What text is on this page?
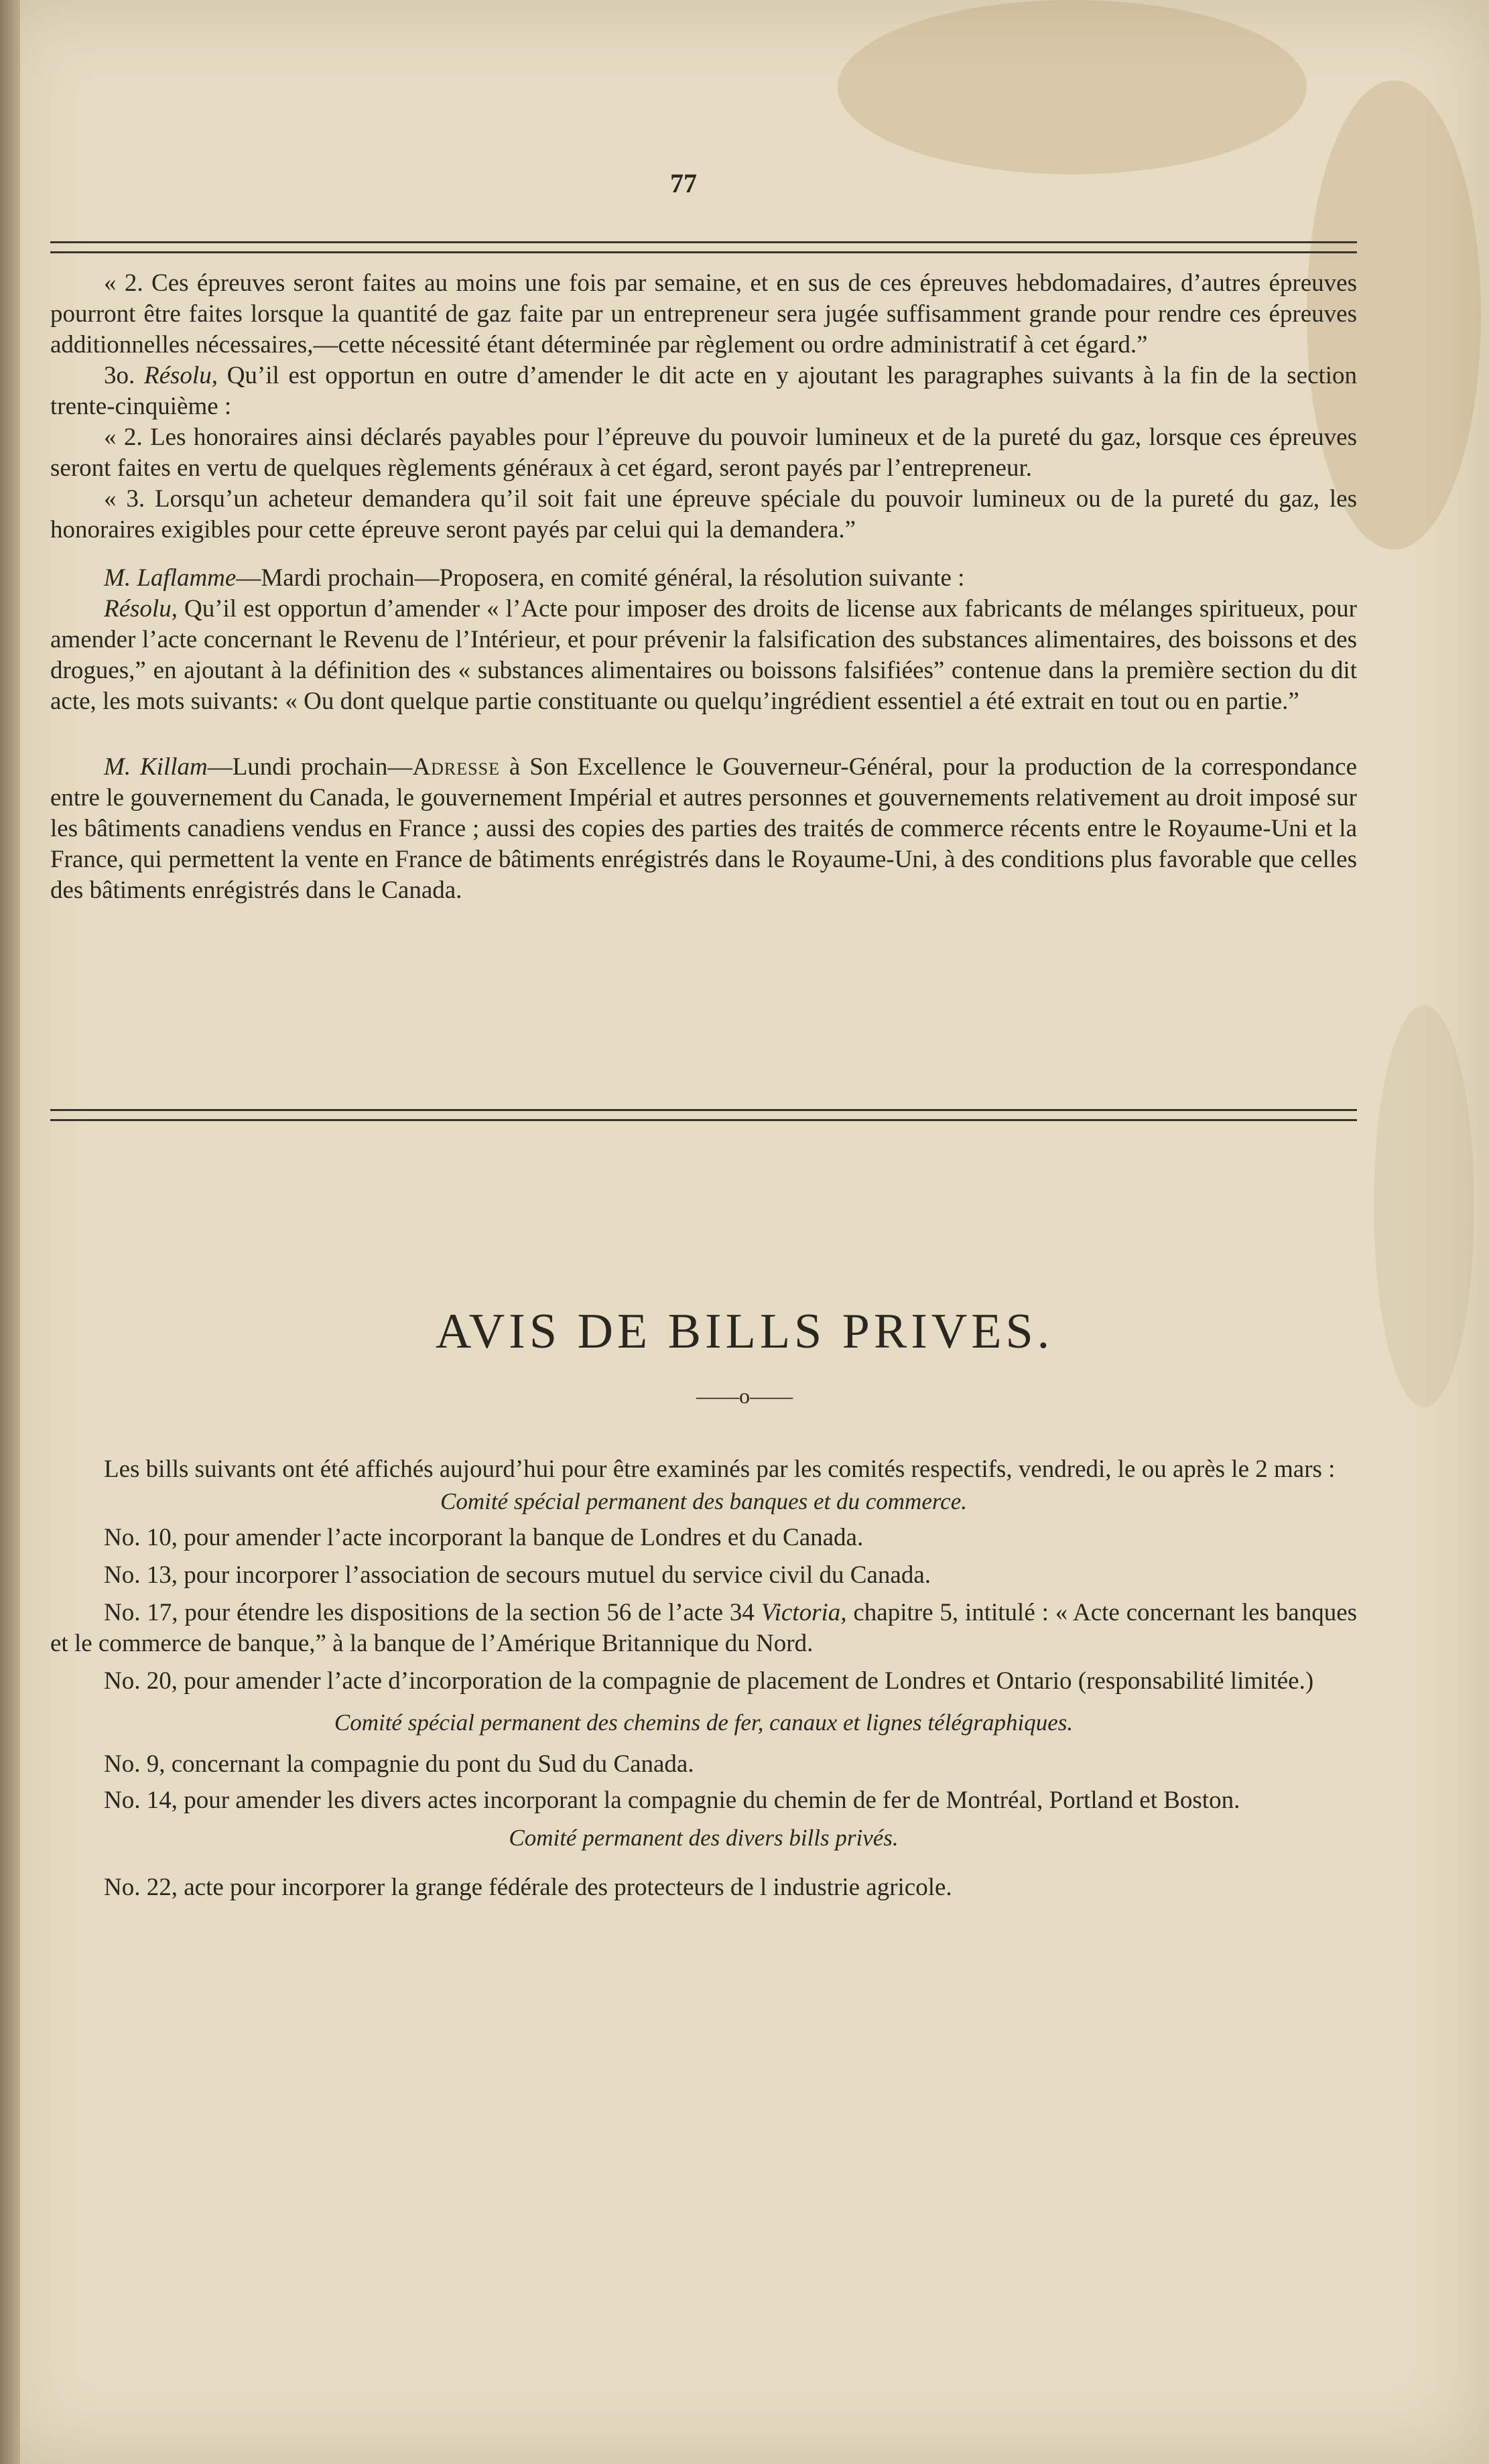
77

« 2. Ces épreuves seront faites au moins une fois par semaine, et en sus de ces épreuves hebdomadaires, d’autres épreuves pourront être faites lorsque la quantité de gaz faite par un entrepreneur sera jugée suffisamment grande pour rendre ces épreuves additionnelles nécessaires,—cette nécessité étant déterminée par règlement ou ordre administratif à cet égard.”

3o. Résolu, Qu’il est opportun en outre d’amender le dit acte en y ajoutant les paragraphes suivants à la fin de la section trente-cinquième :

« 2. Les honoraires ainsi déclarés payables pour l’épreuve du pouvoir lumineux et de la pureté du gaz, lorsque ces épreuves seront faites en vertu de quelques règlements généraux à cet égard, seront payés par l’entrepreneur.

« 3. Lorsqu’un acheteur demandera qu’il soit fait une épreuve spéciale du pouvoir lumineux ou de la pureté du gaz, les honoraires exigibles pour cette épreuve seront payés par celui qui la demandera.”

M. Laflamme—Mardi prochain—Proposera, en comité général, la résolution suivante :

Résolu, Qu’il est opportun d’amender « l’Acte pour imposer des droits de license aux fabricants de mélanges spiritueux, pour amender l’acte concernant le Revenu de l’Intérieur, et pour prévenir la falsification des substances alimentaires, des boissons et des drogues,” en ajoutant à la définition des « substances alimentaires ou boissons falsifiées” contenue dans la première section du dit acte, les mots suivants: « Ou dont quelque partie constituante ou quelqu’ingrédient essentiel a été extrait en tout ou en partie.”

M. Killam—Lundi prochain—Adresse à Son Excellence le Gouverneur-Général, pour la production de la correspondance entre le gouvernement du Canada, le gouvernement Impérial et autres personnes et gouvernements relativement au droit imposé sur les bâtiments canadiens vendus en France ; aussi des copies des parties des traités de commerce récents entre le Royaume-Uni et la France, qui permettent la vente en France de bâtiments enrégistrés dans le Royaume-Uni, à des conditions plus favorable que celles des bâtiments enrégistrés dans le Canada.

AVIS DE BILLS PRIVES.
——o——

Les bills suivants ont été affichés aujourd’hui pour être examinés par les comités respectifs, vendredi, le ou après le 2 mars :

Comité spécial permanent des banques et du commerce.

No. 10, pour amender l’acte incorporant la banque de Londres et du Canada.

No. 13, pour incorporer l’association de secours mutuel du service civil du Canada.

No. 17, pour étendre les dispositions de la section 56 de l’acte 34 Victoria, chapitre 5, intitulé : « Acte concernant les banques et le commerce de banque,” à la banque de l’Amérique Britannique du Nord.

No. 20, pour amender l’acte d’incorporation de la compagnie de placement de Londres et Ontario (responsabilité limitée.)

Comité spécial permanent des chemins de fer, canaux et lignes télégraphiques.

No. 9, concernant la compagnie du pont du Sud du Canada.

No. 14, pour amender les divers actes incorporant la compagnie du chemin de fer de Montréal, Portland et Boston.

Comité permanent des divers bills privés.

No. 22, acte pour incorporer la grange fédérale des protecteurs de l industrie agricole.
